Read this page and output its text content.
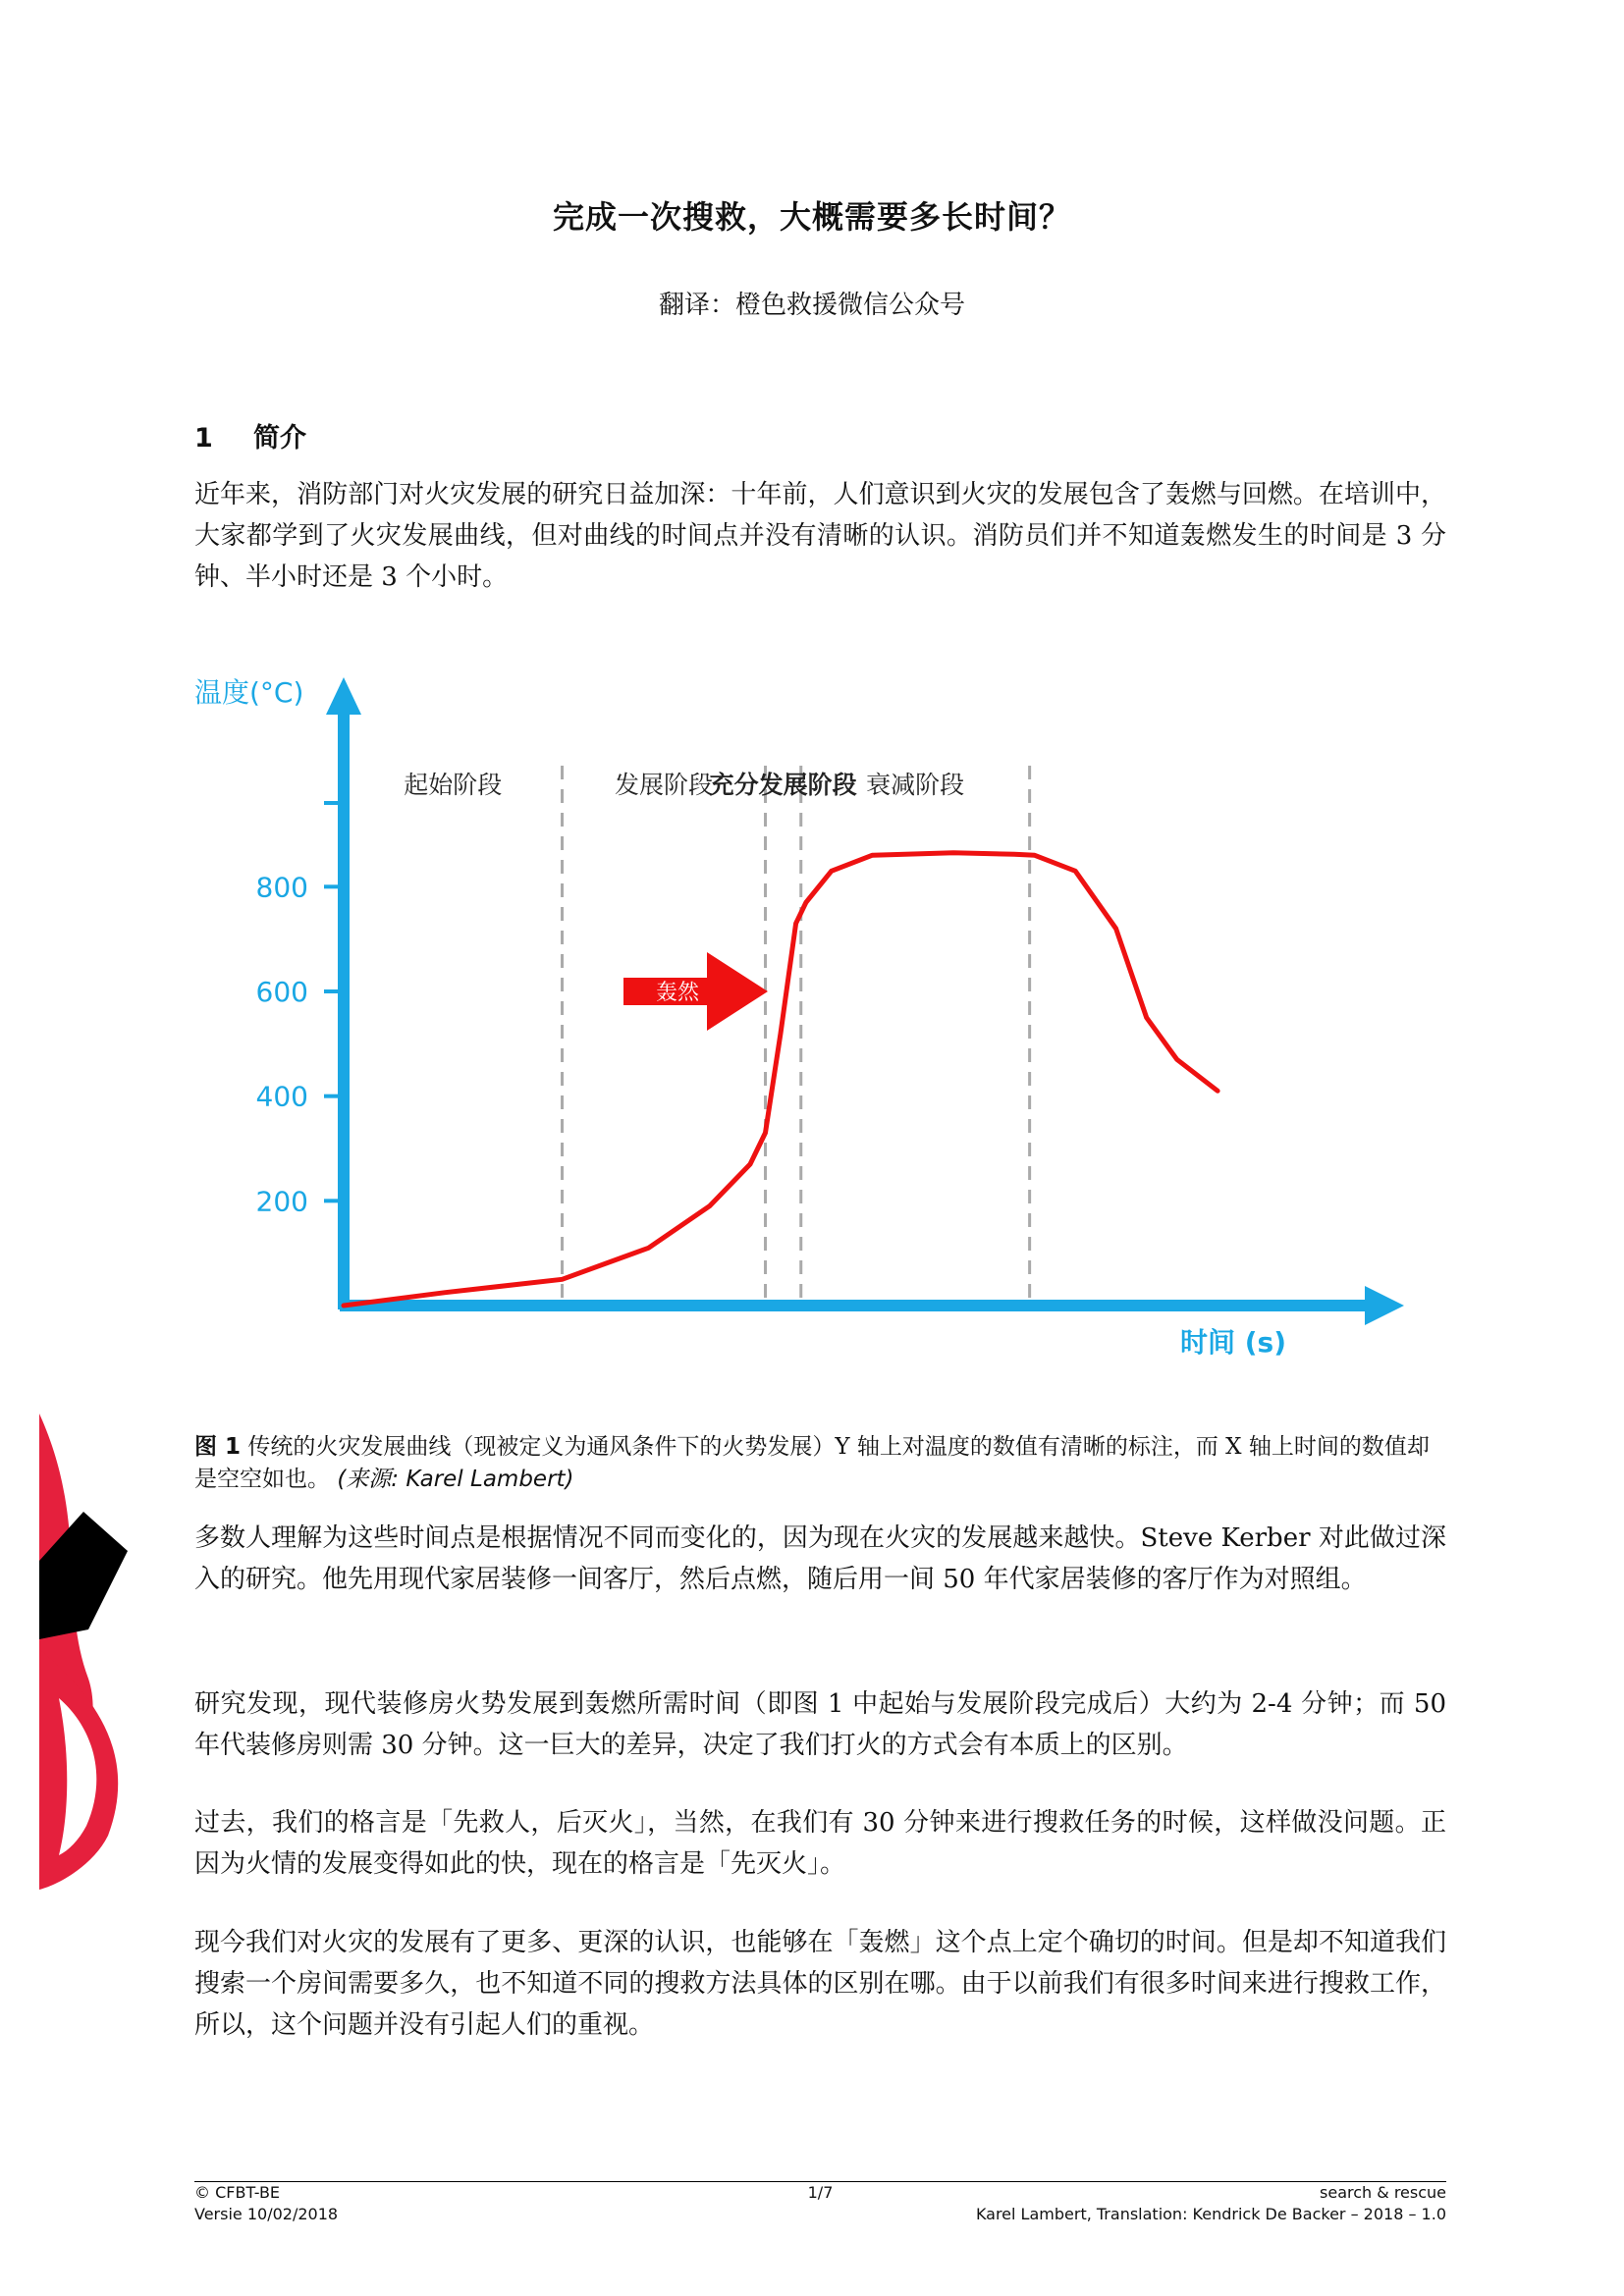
完成一次搜救，大概需要多长时间？
翻译：橙色救援微信公众号
1 简介

近年来，消防部门对火灾发展的研究日益加深：十年前，人们意识到火灾的发展包含了轰燃与回燃。在培训中，大家都学到了火灾发展曲线，但对曲线的时间点并没有清晰的认识。消防员们并不知道轰燃发生的时间是 3 分钟、半小时还是 3 个小时。

起始阶段	发展阶段
充分发展阶段 衰减阶段
200
400
600
800
温度(°C)
时间 (s)
轰然

图 1 传统的火灾发展曲线（现被定义为通风条件下的火势发展）Y 轴上对温度的数值有清晰的标注，而 X 轴上时间的数值却是空空如也。 (来源: Karel Lambert)

多数人理解为这些时间点是根据情况不同而变化的，因为现在火灾的发展越来越快。Steve Kerber 对此做过深入的研究。他先用现代家居装修一间客厅，然后点燃，随后用一间 50 年代家居装修的客厅作为对照组。

研究发现，现代装修房火势发展到轰燃所需时间（即图 1 中起始与发展阶段完成后）大约为 2-4 分钟；而 50 年代装修房则需 30 分钟。这一巨大的差异，决定了我们打火的方式会有本质上的区别。

过去，我们的格言是「先救人，后灭火」，当然，在我们有 30 分钟来进行搜救任务的时候，这样做没问题。正因为火情的发展变得如此的快，现在的格言是「先灭火」。

现今我们对火灾的发展有了更多、更深的认识，也能够在「轰燃」这个点上定个确切的时间。但是却不知道我们搜索一个房间需要多久，也不知道不同的搜救方法具体的区别在哪。由于以前我们有很多时间来进行搜救工作，所以，这个问题并没有引起人们的重视。

© CFBT-BE	1/7	search & rescue
Versie 10/02/2018	Karel Lambert, Translation: Kendrick De Backer – 2018 – 1.0
